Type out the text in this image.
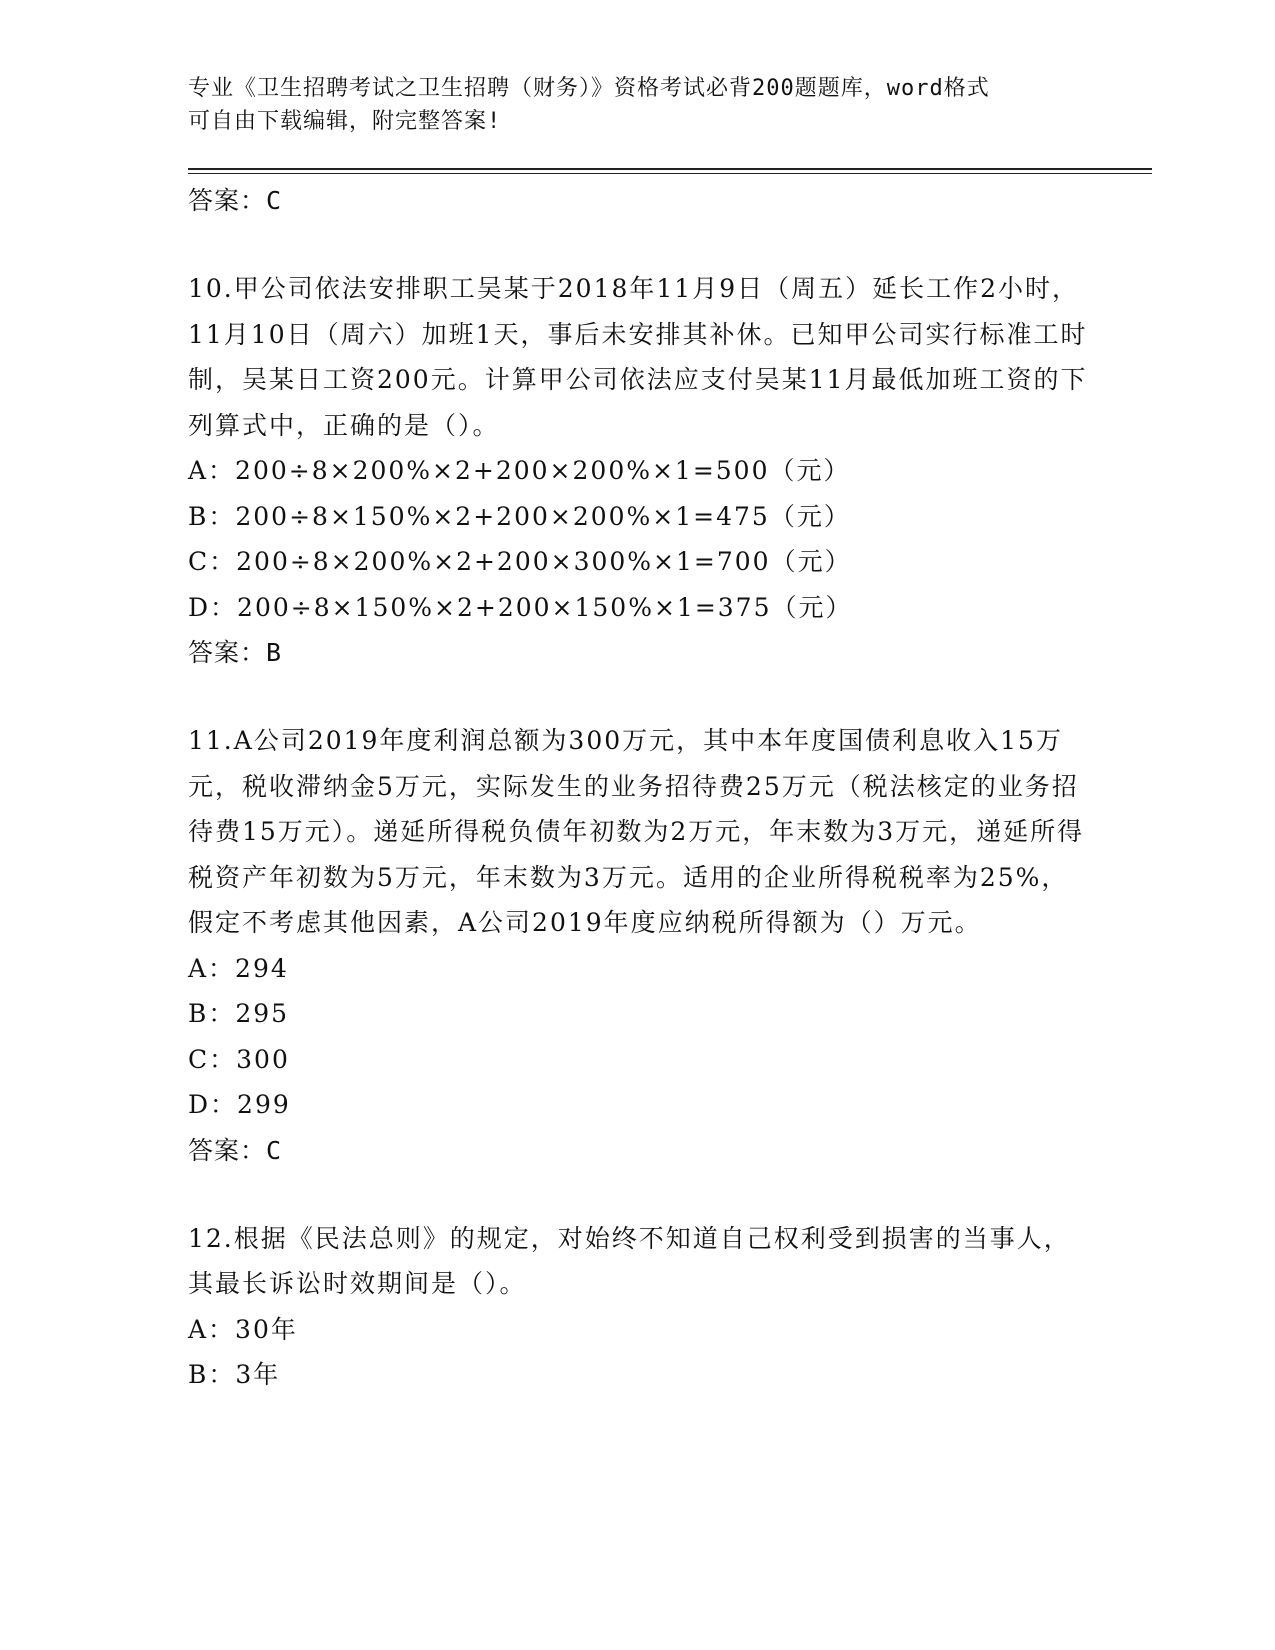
专业《卫生招聘考试之卫生招聘（财务）》资格考试必背200题题库，word格式

可自由下载编辑，附完整答案!

答案：C

10.甲公司依法安排职工吴某于2018年11月9日（周五）延长工作2小时，11月10日（周六）加班1天，事后未安排其补休。已知甲公司实行标准工时制，吴某日工资200元。计算甲公司依法应支付吴某11月最低加班工资的下列算式中，正确的是（）。

A：200÷8×200%×2+200×200%×1=500（元）

B：200÷8×150%×2+200×200%×1=475（元）

C：200÷8×200%×2+200×300%×1=700（元）

D：200÷8×150%×2+200×150%×1=375（元）

答案：B

11.A公司2019年度利润总额为300万元，其中本年度国债利息收入15万元，税收滞纳金5万元，实际发生的业务招待费25万元（税法核定的业务招待费15万元）。递延所得税负债年初数为2万元，年末数为3万元，递延所得税资产年初数为5万元，年末数为3万元。适用的企业所得税税率为25%，假定不考虑其他因素，A公司2019年度应纳税所得额为（）万元。

A：294

B：295

C：300

D：299

答案：C

12.根据《民法总则》的规定，对始终不知道自己权利受到损害的当事人，其最长诉讼时效期间是（）。

A：30年

B：3年
